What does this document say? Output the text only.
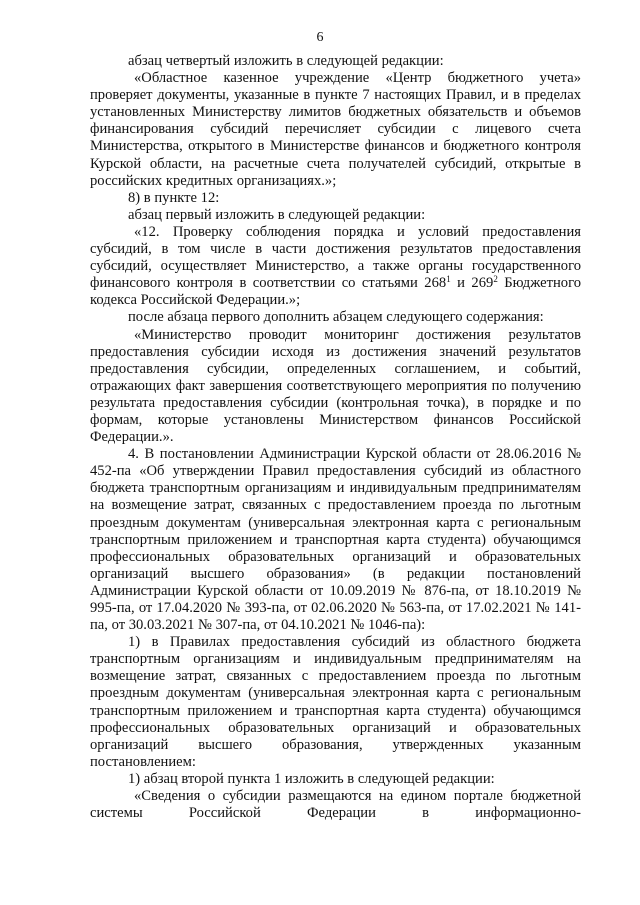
6

абзац четвертый изложить в следующей редакции:

«Областное казенное учреждение «Центр бюджетного учета» проверяет документы, указанные в пункте 7 настоящих Правил, и в пределах установленных Министерству лимитов бюджетных обязательств и объемов финансирования субсидий перечисляет субсидии с лицевого счета Министерства, открытого в Министерстве финансов и бюджетного контроля Курской области, на расчетные счета получателей субсидий, открытые в российских кредитных организациях.»;

8) в пункте 12:

абзац первый изложить в следующей редакции:

«12. Проверку соблюдения порядка и условий предоставления субсидий, в том числе в части достижения результатов предоставления субсидий, осуществляет Министерство, а также органы государственного финансового контроля в соответствии со статьями $268^1$ и $269^2$ Бюджетного кодекса Российской Федерации.»;

после абзаца первого дополнить абзацем следующего содержания:

«Министерство проводит мониторинг достижения результатов предоставления субсидии исходя из достижения значений результатов предоставления субсидии, определенных соглашением, и событий, отражающих факт завершения соответствующего мероприятия по получению результата предоставления субсидии (контрольная точка), в порядке и по формам, которые установлены Министерством финансов Российской Федерации.».

4. В постановлении Администрации Курской области от 28.06.2016 № 452-па «Об утверждении Правил предоставления субсидий из областного бюджета транспортным организациям и индивидуальным предпринимателям на возмещение затрат, связанных с предоставлением проезда по льготным проездным документам (универсальная электронная карта с региональным транспортным приложением и транспортная карта студента) обучающимся профессиональных образовательных организаций и образовательных организаций высшего образования» (в редакции постановлений Администрации Курской области от 10.09.2019 № 876-па, от 18.10.2019 № 995-па, от 17.04.2020 № 393-па, от 02.06.2020 № 563-па, от 17.02.2021 № 141-па, от 30.03.2021 № 307-па, от 04.10.2021 № 1046-па):

1) в Правилах предоставления субсидий из областного бюджета транспортным организациям и индивидуальным предпринимателям на возмещение затрат, связанных с предоставлением проезда по льготным проездным документам (универсальная электронная карта с региональным транспортным приложением и транспортная карта студента) обучающимся профессиональных образовательных организаций и образовательных организаций высшего образования, утвержденных указанным постановлением:

1) абзац второй пункта 1 изложить в следующей редакции:

«Сведения о субсидии размещаются на едином портале бюджетной системы Российской Федерации в информационно-
